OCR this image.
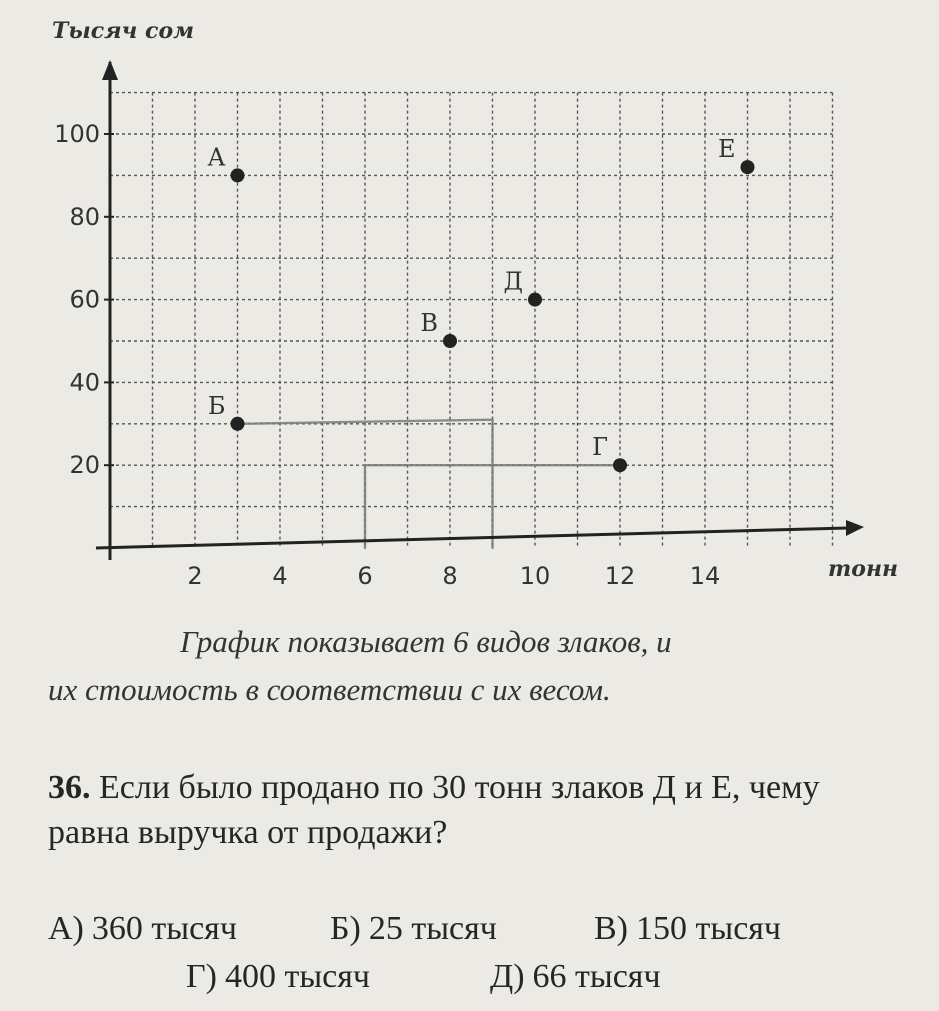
2	4	6	8	10 12 14
20
40
60
80
100
А
Б
В
Г
Д
Е
Тысяч сом
тонн

График показывает 6 видов злаков, и
их стоимость в соответствии с их весом.

36. Если было продано по 30 тонн злаков Д и Е, чему равна выручка от продажи?

А) 360 тысяч	Б) 25 тысяч	В) 150 тысяч
Г) 400 тысяч	Д) 66 тысяч
